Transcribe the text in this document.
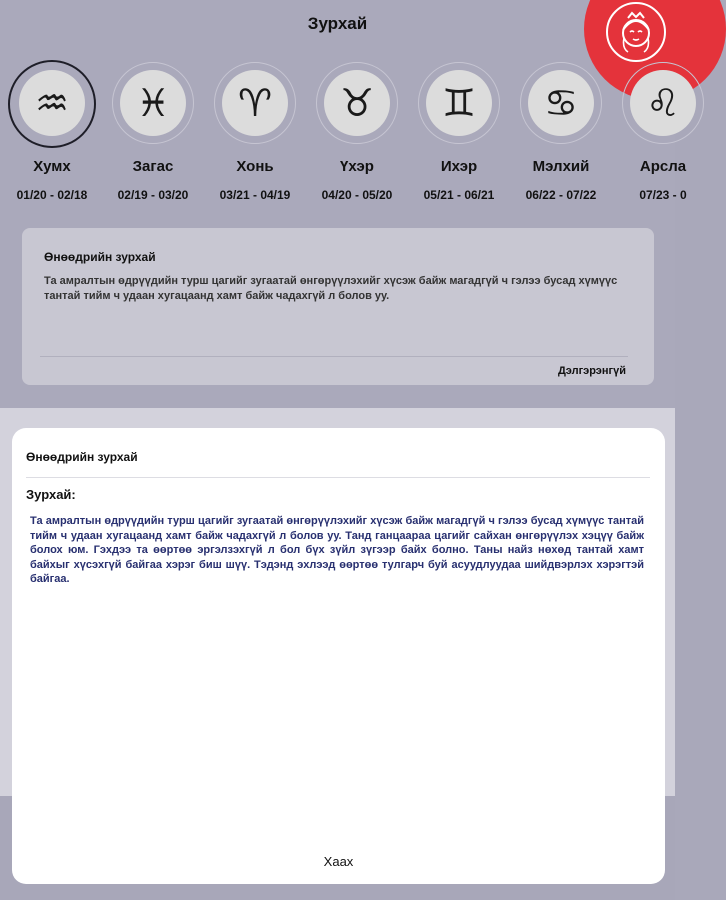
Зурхай
♒
Хумх
01/20 - 02/18
♓
Загас
02/19 - 03/20
♈
Хонь
03/21 - 04/19
♉
Үхэр
04/20 - 05/20
♊
Ихэр
05/21 - 06/21
♋
Мэлхий
06/22 - 07/22
♌
Арсла
07/23 - 0
Өнөөдрийн зурхай
Та амралтын өдрүүдийн турш цагийг зугаатай өнгөрүүлэхийг хүсэж байж магадгүй ч гэлээ бусад хүмүүс тантай тийм ч удаан хугацаанд хамт байж чадахгүй л болов уу.
Дэлгэрэнгүй
Өнөөдрийн зурхай
Зурхай:
Та амралтын өдрүүдийн турш цагийг зугаатай өнгөрүүлэхийг хүсэж байж магадгүй ч гэлээ бусад хүмүүс тантай тийм ч удаан хугацаанд хамт байж чадахгүй л болов уу. Танд ганцаараа цагийг сайхан өнгөрүүлэх хэцүү байж болох юм. Гэхдээ та өөртөө эргэлзэхгүй л бол бүх зүйл зүгээр байх болно. Таны найз нөхөд тантай хамт байхыг хүсэхгүй байгаа хэрэг биш шүү. Тэдэнд эхлээд өөртөө тулгарч буй асуудлуудаа шийдвэрлэх хэрэгтэй байгаа.
Хаах
